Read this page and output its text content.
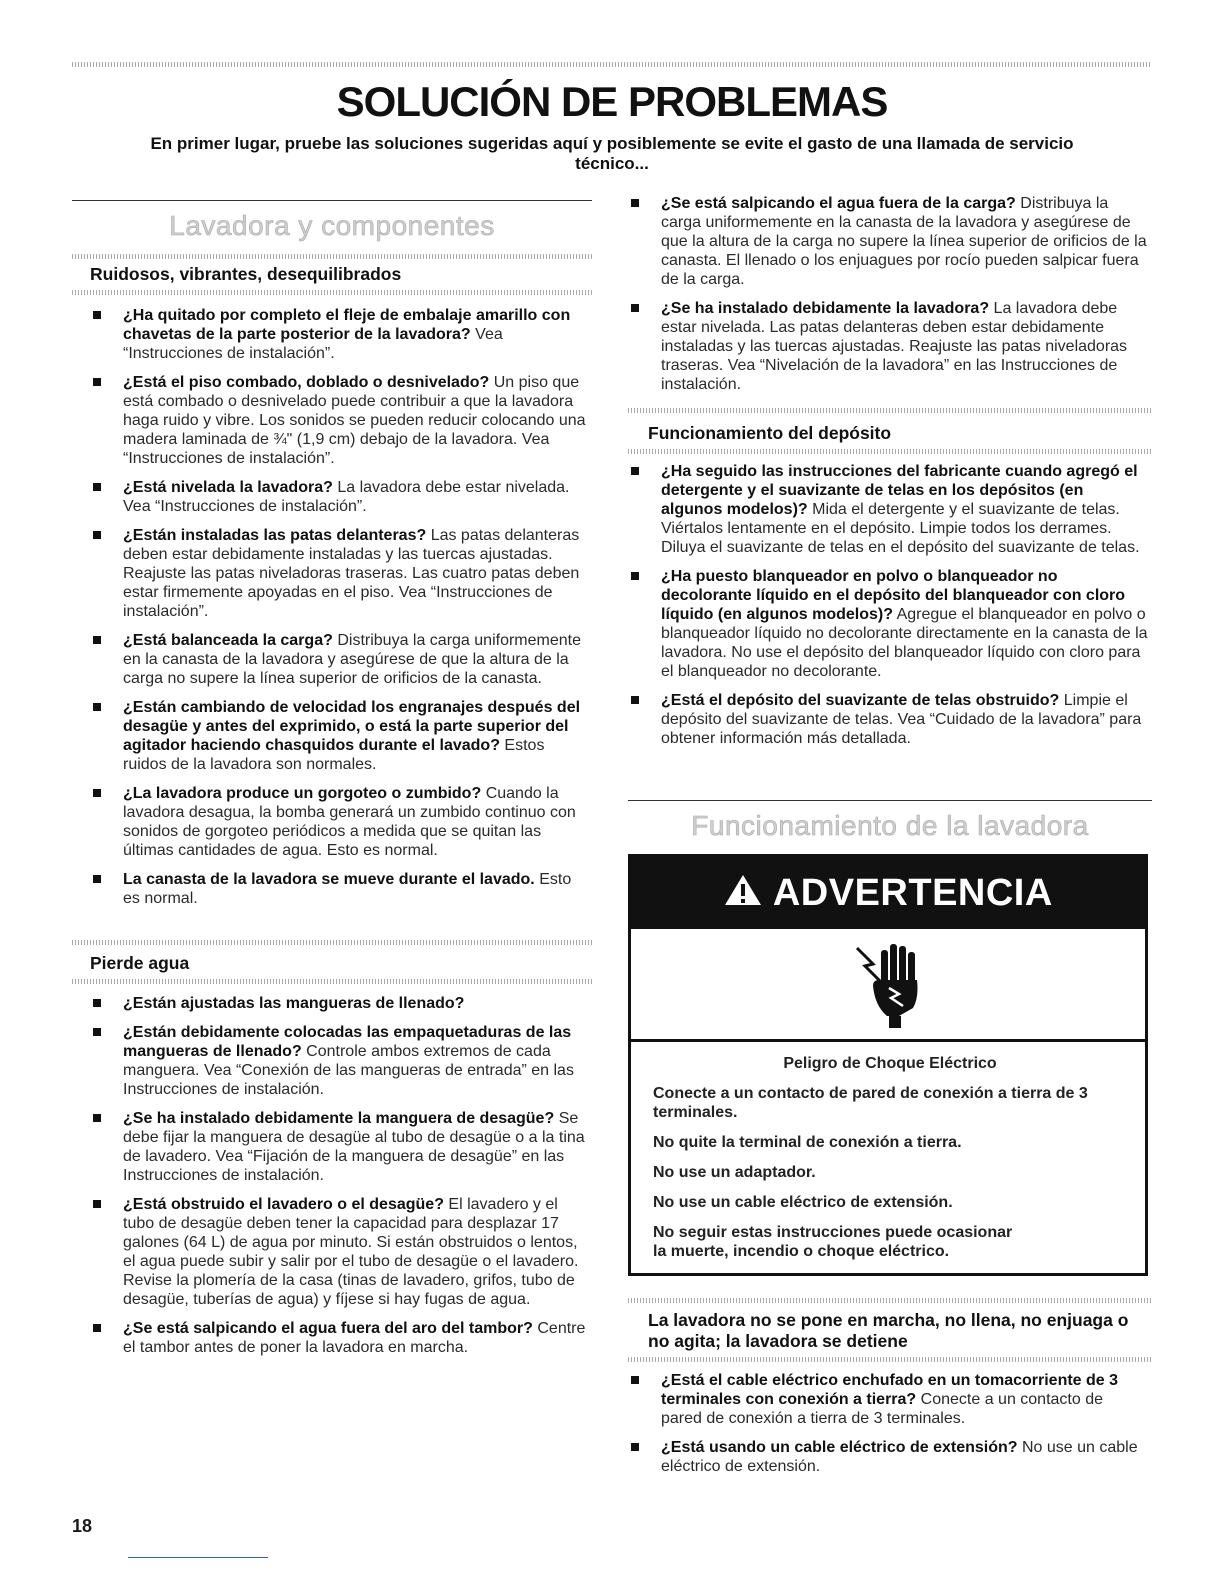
SOLUCIÓN DE PROBLEMAS
En primer lugar, pruebe las soluciones sugeridas aquí y posiblemente se evite el gasto de una llamada de servicio técnico...
Lavadora y componentes
Ruidosos, vibrantes, desequilibrados
¿Ha quitado por completo el fleje de embalaje amarillo con chavetas de la parte posterior de la lavadora? Vea “Instrucciones de instalación”.
¿Está el piso combado, doblado o desnivelado? Un piso que está combado o desnivelado puede contribuir a que la lavadora haga ruido y vibre. Los sonidos se pueden reducir colocando una madera laminada de ¾" (1,9 cm) debajo de la lavadora. Vea “Instrucciones de instalación”.
¿Está nivelada la lavadora? La lavadora debe estar nivelada. Vea “Instrucciones de instalación”.
¿Están instaladas las patas delanteras? Las patas delanteras deben estar debidamente instaladas y las tuercas ajustadas. Reajuste las patas niveladoras traseras. Las cuatro patas deben estar firmemente apoyadas en el piso. Vea “Instrucciones de instalación”.
¿Está balanceada la carga? Distribuya la carga uniformemente en la canasta de la lavadora y asegúrese de que la altura de la carga no supere la línea superior de orificios de la canasta.
¿Están cambiando de velocidad los engranajes después del desagüe y antes del exprimido, o está la parte superior del agitador haciendo chasquidos durante el lavado? Estos ruidos de la lavadora son normales.
¿La lavadora produce un gorgoteo o zumbido? Cuando la lavadora desagua, la bomba generará un zumbido continuo con sonidos de gorgoteo periódicos a medida que se quitan las últimas cantidades de agua. Esto es normal.
La canasta de la lavadora se mueve durante el lavado. Esto es normal.
Pierde agua
¿Están ajustadas las mangueras de llenado?
¿Están debidamente colocadas las empaquetaduras de las mangueras de llenado? Controle ambos extremos de cada manguera. Vea “Conexión de las mangueras de entrada” en las Instrucciones de instalación.
¿Se ha instalado debidamente la manguera de desagüe? Se debe fijar la manguera de desagüe al tubo de desagüe o a la tina de lavadero. Vea “Fijación de la manguera de desagüe” en las Instrucciones de instalación.
¿Está obstruido el lavadero o el desagüe? El lavadero y el tubo de desagüe deben tener la capacidad para desplazar 17 galones (64 L) de agua por minuto. Si están obstruidos o lentos, el agua puede subir y salir por el tubo de desagüe o el lavadero. Revise la plomería de la casa (tinas de lavadero, grifos, tubo de desagüe, tuberías de agua) y fíjese si hay fugas de agua.
¿Se está salpicando el agua fuera del aro del tambor? Centre el tambor antes de poner la lavadora en marcha.
¿Se está salpicando el agua fuera de la carga? Distribuya la carga uniformemente en la canasta de la lavadora y asegúrese de que la altura de la carga no supere la línea superior de orificios de la canasta. El llenado o los enjuagues por rocío pueden salpicar fuera de la carga.
¿Se ha instalado debidamente la lavadora? La lavadora debe estar nivelada. Las patas delanteras deben estar debidamente instaladas y las tuercas ajustadas. Reajuste las patas niveladoras traseras. Vea “Nivelación de la lavadora” en las Instrucciones de instalación.
Funcionamiento del depósito
¿Ha seguido las instrucciones del fabricante cuando agregó el detergente y el suavizante de telas en los depósitos (en algunos modelos)? Mida el detergente y el suavizante de telas. Viértalos lentamente en el depósito. Limpie todos los derrames. Diluya el suavizante de telas en el depósito del suavizante de telas.
¿Ha puesto blanqueador en polvo o blanqueador no decolorante líquido en el depósito del blanqueador con cloro líquido (en algunos modelos)? Agregue el blanqueador en polvo o blanqueador líquido no decolorante directamente en la canasta de la lavadora. No use el depósito del blanqueador líquido con cloro para el blanqueador no decolorante.
¿Está el depósito del suavizante de telas obstruido? Limpie el depósito del suavizante de telas. Vea “Cuidado de la lavadora” para obtener información más detallada.
Funcionamiento de la lavadora
ADVERTENCIA

Peligro de Choque Eléctrico

Conecte a un contacto de pared de conexión a tierra de 3 terminales.

No quite la terminal de conexión a tierra.

No use un adaptador.

No use un cable eléctrico de extensión.

No seguir estas instrucciones puede ocasionar

la muerte, incendio o choque eléctrico.

La lavadora no se pone en marcha, no llena, no enjuaga o no agita; la lavadora se detiene
¿Está el cable eléctrico enchufado en un tomacorriente de 3 terminales con conexión a tierra? Conecte a un contacto de pared de conexión a tierra de 3 terminales.
¿Está usando un cable eléctrico de extensión? No use un cable eléctrico de extensión.
18
